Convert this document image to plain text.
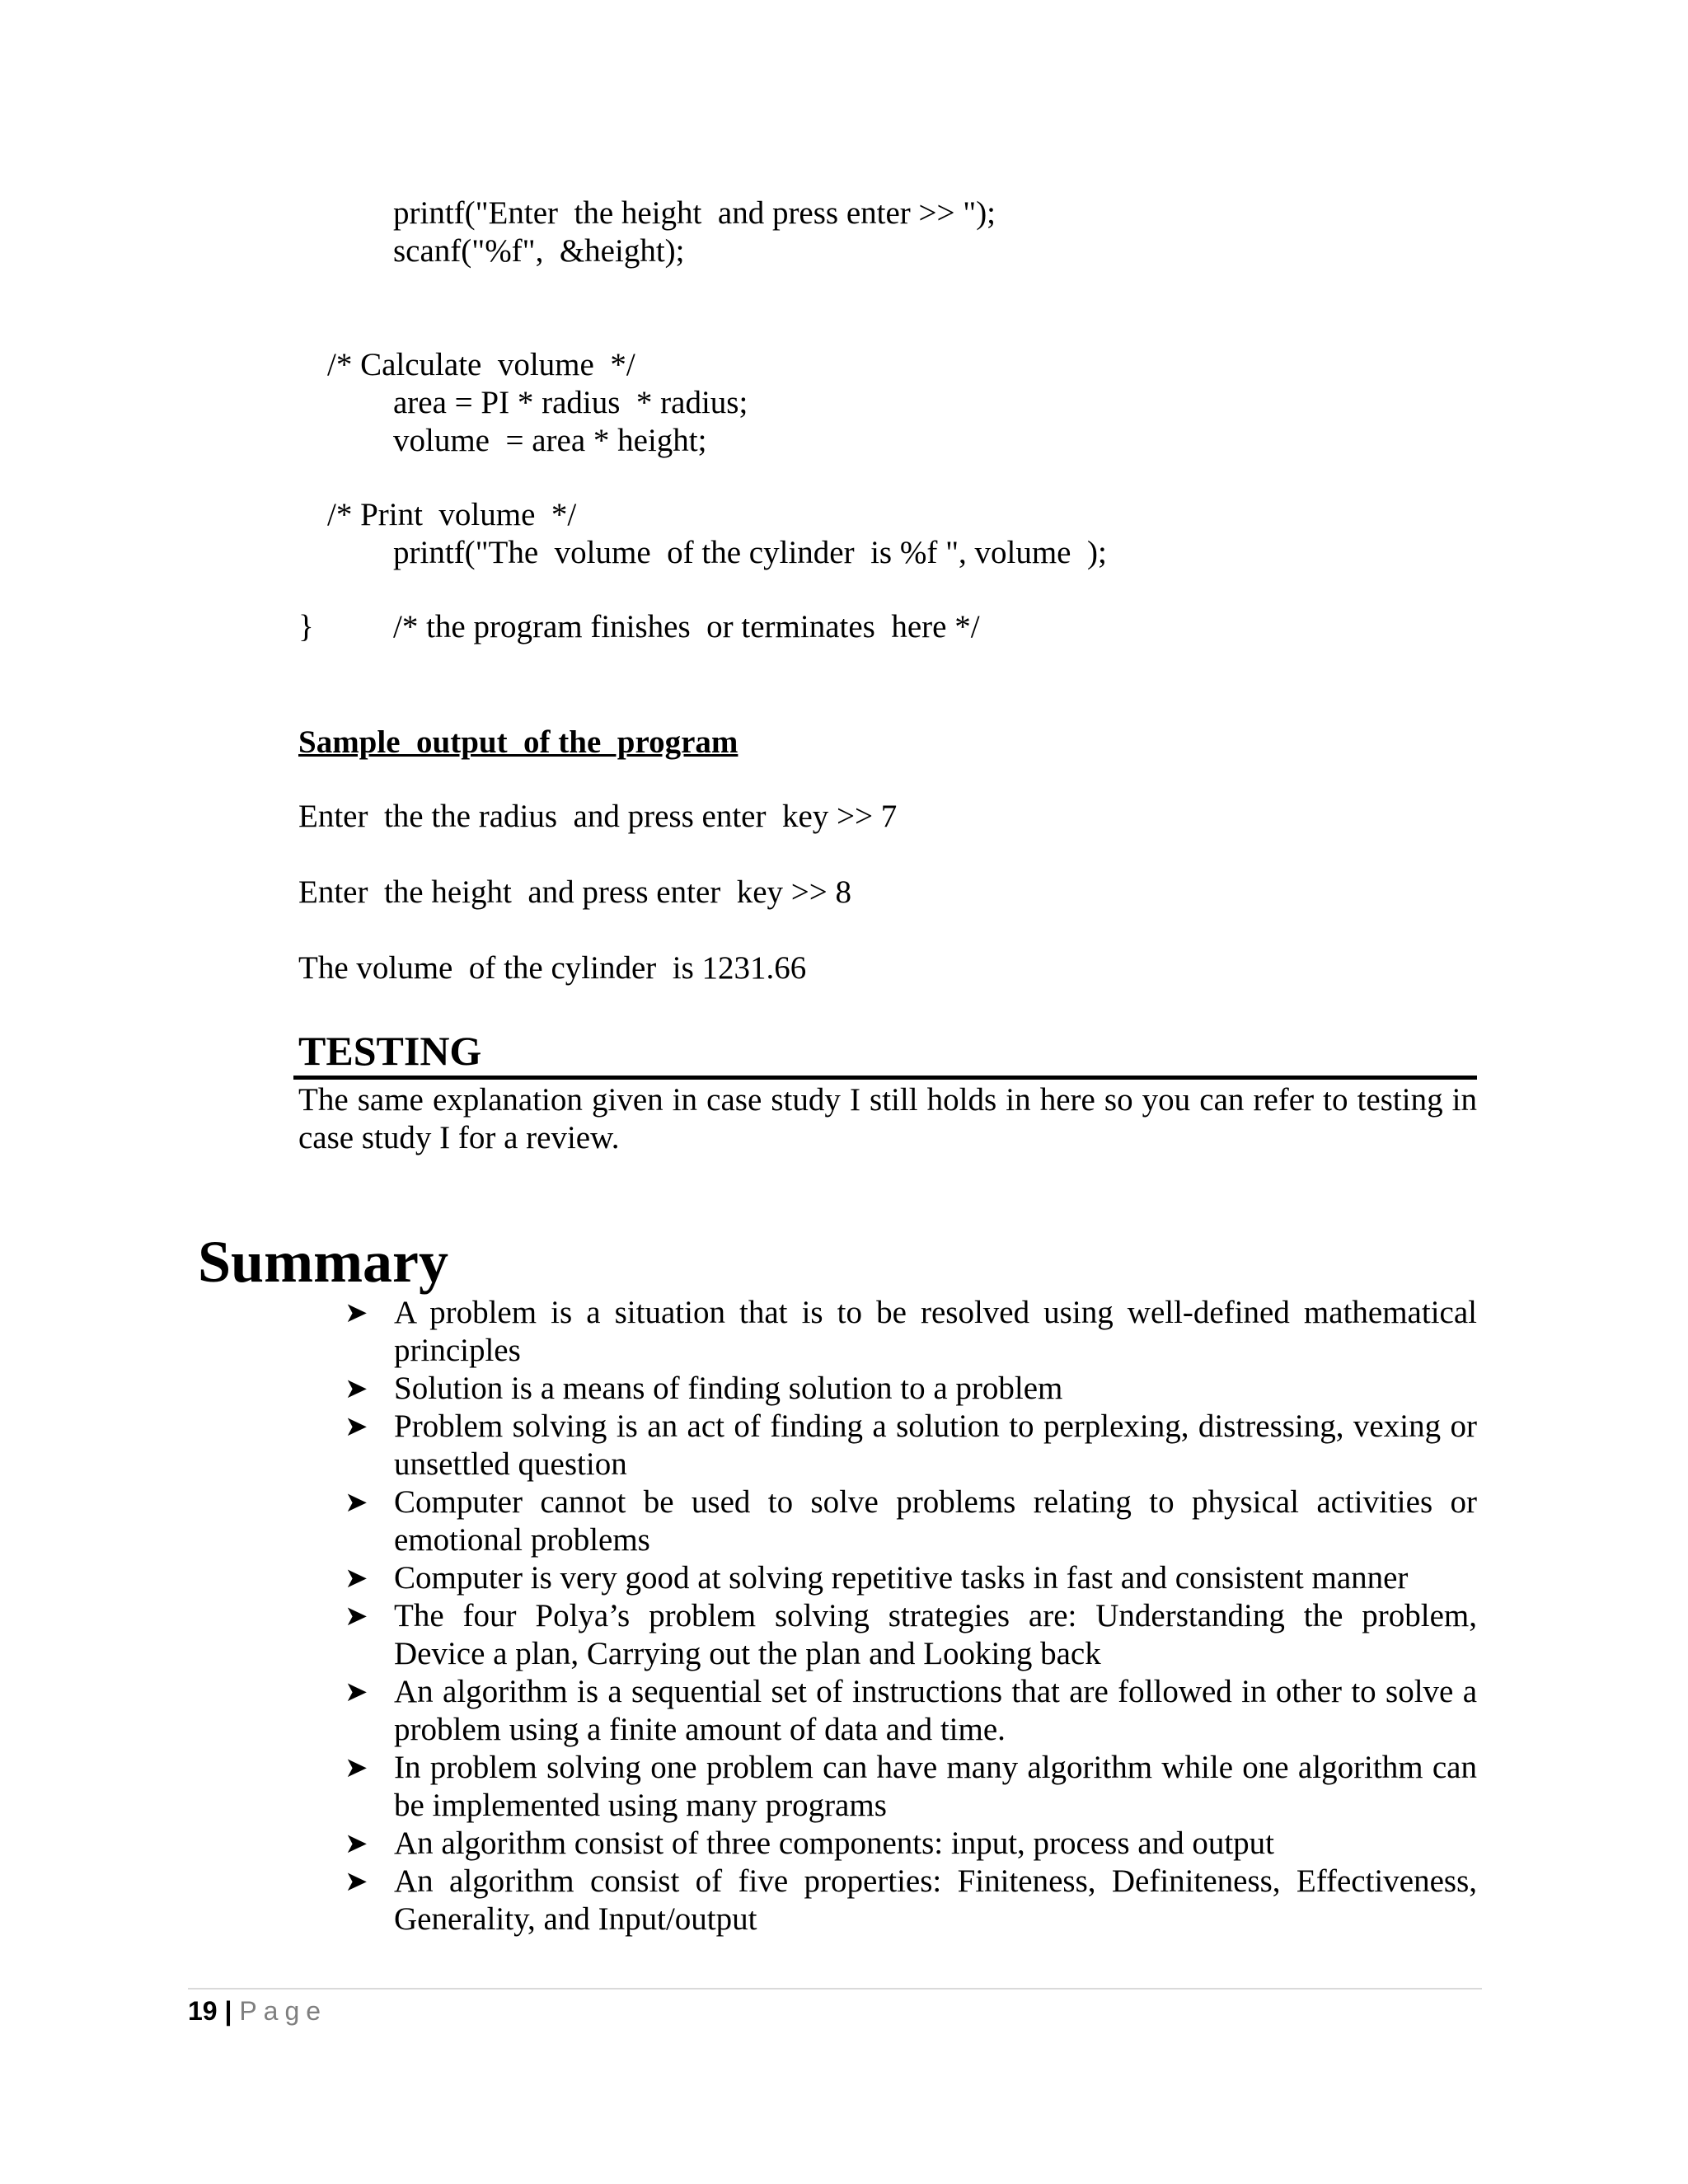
printf("Enter  the height  and press enter >> ");
scanf("%f",  &height);
/* Calculate  volume  */
area = PI * radius  * radius;
volume  = area * height;
/* Print  volume  */
printf("The  volume  of the cylinder  is %f ", volume  );
} /* the program finishes  or terminates  here */
Sample  output  of the  program
Enter  the the radius  and press enter  key >> 7
Enter  the height  and press enter  key >> 8
The volume  of the cylinder  is 1231.66
TESTING
The same explanation given in case study I still holds in here so you can refer to testing in case study I for a review.
Summary
➤ A problem is a situation that is to be resolved using well-defined mathematical principles
➤ Solution is a means of finding solution to a problem
➤ Problem solving is an act of finding a solution to perplexing, distressing, vexing or unsettled question
➤ Computer cannot be used to solve problems relating to physical activities or emotional problems
➤ Computer is very good at solving repetitive tasks in fast and consistent manner
➤ The four Polya’s problem solving strategies are: Understanding the problem, Device a plan, Carrying out the plan and Looking back
➤ An algorithm is a sequential set of instructions that are followed in other to solve a problem using a finite amount of data and time.
➤ In problem solving one problem can have many algorithm while one algorithm can be implemented using many programs
➤ An algorithm consist of three components: input, process and output
➤ An algorithm consist of five properties: Finiteness, Definiteness, Effectiveness, Generality, and Input/output
19 | Page
